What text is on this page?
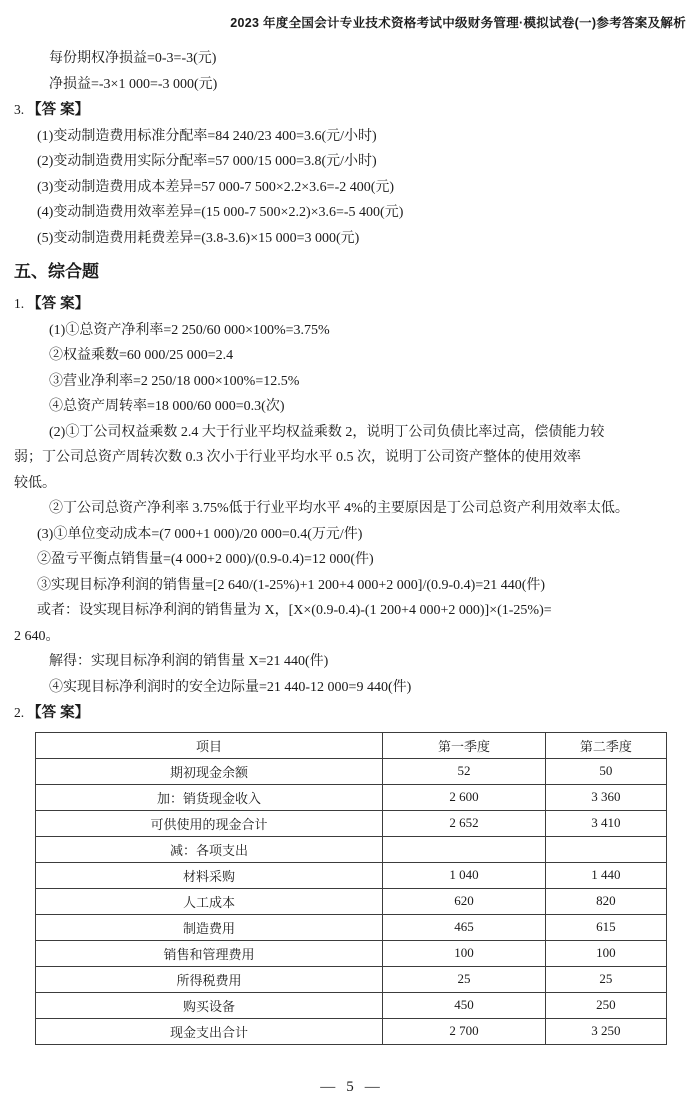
2023 年度全国会计专业技术资格考试中级财务管理·模拟试卷(一)参考答案及解析

每份期权净损益=0-3=-3(元)

净损益=-3×1 000=-3 000(元)

3. 【答 案】

(1)变动制造费用标准分配率=84 240/23 400=3.6(元/小时)

(2)变动制造费用实际分配率=57 000/15 000=3.8(元/小时)

(3)变动制造费用成本差异=57 000-7 500×2.2×3.6=-2 400(元)

(4)变动制造费用效率差异=(15 000-7 500×2.2)×3.6=-5 400(元)

(5)变动制造费用耗费差异=(3.8-3.6)×15 000=3 000(元)

五、综合题

1. 【答 案】

(1)①总资产净利率=2 250/60 000×100%=3.75%

②权益乘数=60 000/25 000=2.4

③营业净利率=2 250/18 000×100%=12.5%

④总资产周转率=18 000/60 000=0.3(次)

(2)①丁公司权益乘数 2.4 大于行业平均权益乘数 2，说明丁公司负债比率过高，偿债能力较

弱；丁公司总资产周转次数 0.3 次小于行业平均水平 0.5 次，说明丁公司资产整体的使用效率

较低。

②丁公司总资产净利率 3.75%低于行业平均水平 4%的主要原因是丁公司总资产利用效率太低。

(3)①单位变动成本=(7 000+1 000)/20 000=0.4(万元/件)

②盈亏平衡点销售量=(4 000+2 000)/(0.9-0.4)=12 000(件)

③实现目标净利润的销售量=[2 640/(1-25%)+1 200+4 000+2 000]/(0.9-0.4)=21 440(件)

或者：设实现目标净利润的销售量为 X，[X×(0.9-0.4)-(1 200+4 000+2 000)]×(1-25%)=

2 640。

解得：实现目标净利润的销售量 X=21 440(件)

④实现目标净利润时的安全边际量=21 440-12 000=9 440(件)

2. 【答 案】

项目	第一季度	第二季度
期初现金余额	52	50
加：销货现金收入	2 600	3 360
可供使用的现金合计	2 652	3 410
减：各项支出		
材料采购	1 040	1 440
人工成本	620	820
制造费用	465	615
销售和管理费用	100	100
所得税费用	25	25
购买设备	450	250
现金支出合计	2 700	3 250
— 5 —
